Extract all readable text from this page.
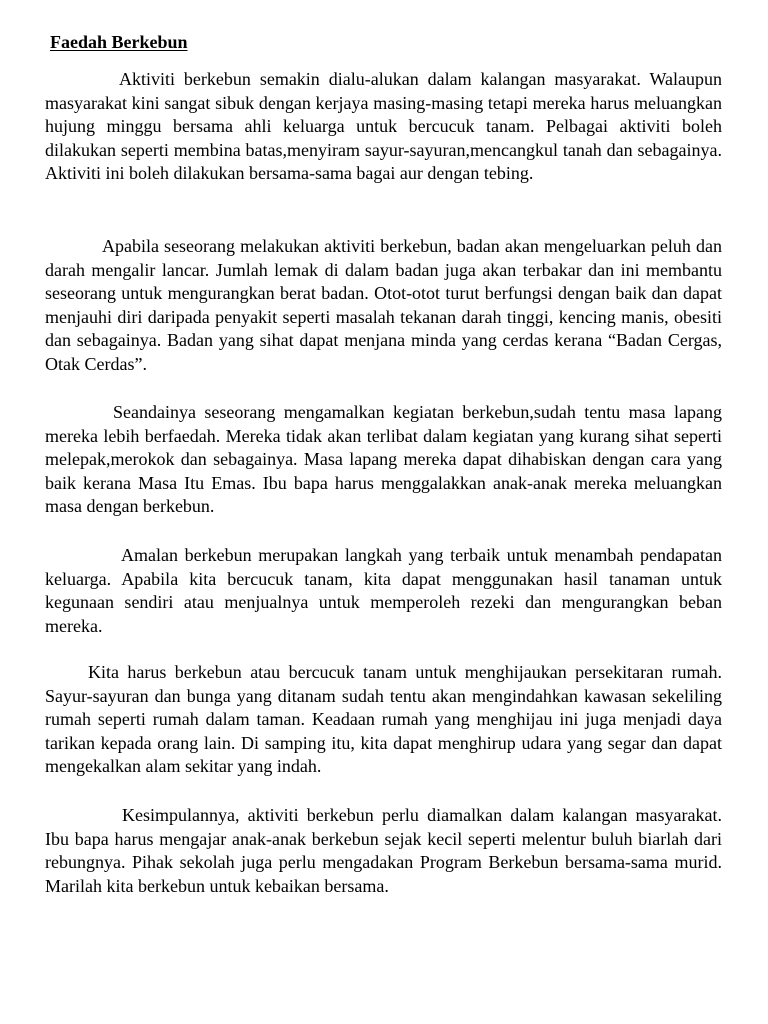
Faedah Berkebun

Aktiviti berkebun semakin dialu-alukan dalam kalangan masyarakat. Walaupun masyarakat kini sangat sibuk dengan kerjaya masing-masing tetapi mereka harus meluangkan hujung minggu bersama ahli keluarga untuk bercucuk tanam. Pelbagai aktiviti boleh dilakukan seperti membina batas,menyiram sayur-sayuran,mencangkul tanah dan sebagainya. Aktiviti ini boleh dilakukan bersama-sama bagai aur dengan tebing.

Apabila seseorang melakukan aktiviti berkebun, badan akan mengeluarkan peluh dan darah mengalir lancar. Jumlah lemak di dalam badan juga akan terbakar dan ini membantu seseorang untuk mengurangkan berat badan. Otot-otot turut berfungsi dengan baik dan dapat menjauhi diri daripada penyakit seperti masalah tekanan darah tinggi, kencing manis, obesiti dan sebagainya. Badan yang sihat dapat menjana minda yang cerdas kerana “Badan Cergas, Otak Cerdas”.

Seandainya seseorang mengamalkan kegiatan berkebun,sudah tentu masa lapang mereka lebih berfaedah. Mereka tidak akan terlibat dalam kegiatan yang kurang sihat seperti melepak,merokok dan sebagainya. Masa lapang mereka dapat dihabiskan dengan cara yang baik kerana Masa Itu Emas. Ibu bapa harus menggalakkan anak-anak mereka meluangkan masa dengan berkebun.

Amalan berkebun merupakan langkah yang terbaik untuk menambah pendapatan keluarga. Apabila kita bercucuk tanam, kita dapat menggunakan hasil tanaman untuk kegunaan sendiri atau menjualnya untuk memperoleh rezeki dan mengurangkan beban mereka.

Kita harus berkebun atau bercucuk tanam untuk menghijaukan persekitaran rumah. Sayur-sayuran dan bunga yang ditanam sudah tentu akan mengindahkan kawasan sekeliling rumah seperti rumah dalam taman. Keadaan rumah yang menghijau ini juga menjadi daya tarikan kepada orang lain. Di samping itu, kita dapat menghirup udara yang segar dan dapat mengekalkan alam sekitar yang indah.

Kesimpulannya, aktiviti berkebun perlu diamalkan dalam kalangan masyarakat. Ibu bapa harus mengajar anak-anak berkebun sejak kecil seperti melentur buluh biarlah dari rebungnya. Pihak sekolah juga perlu mengadakan Program Berkebun bersama-sama murid. Marilah kita berkebun untuk kebaikan bersama.
